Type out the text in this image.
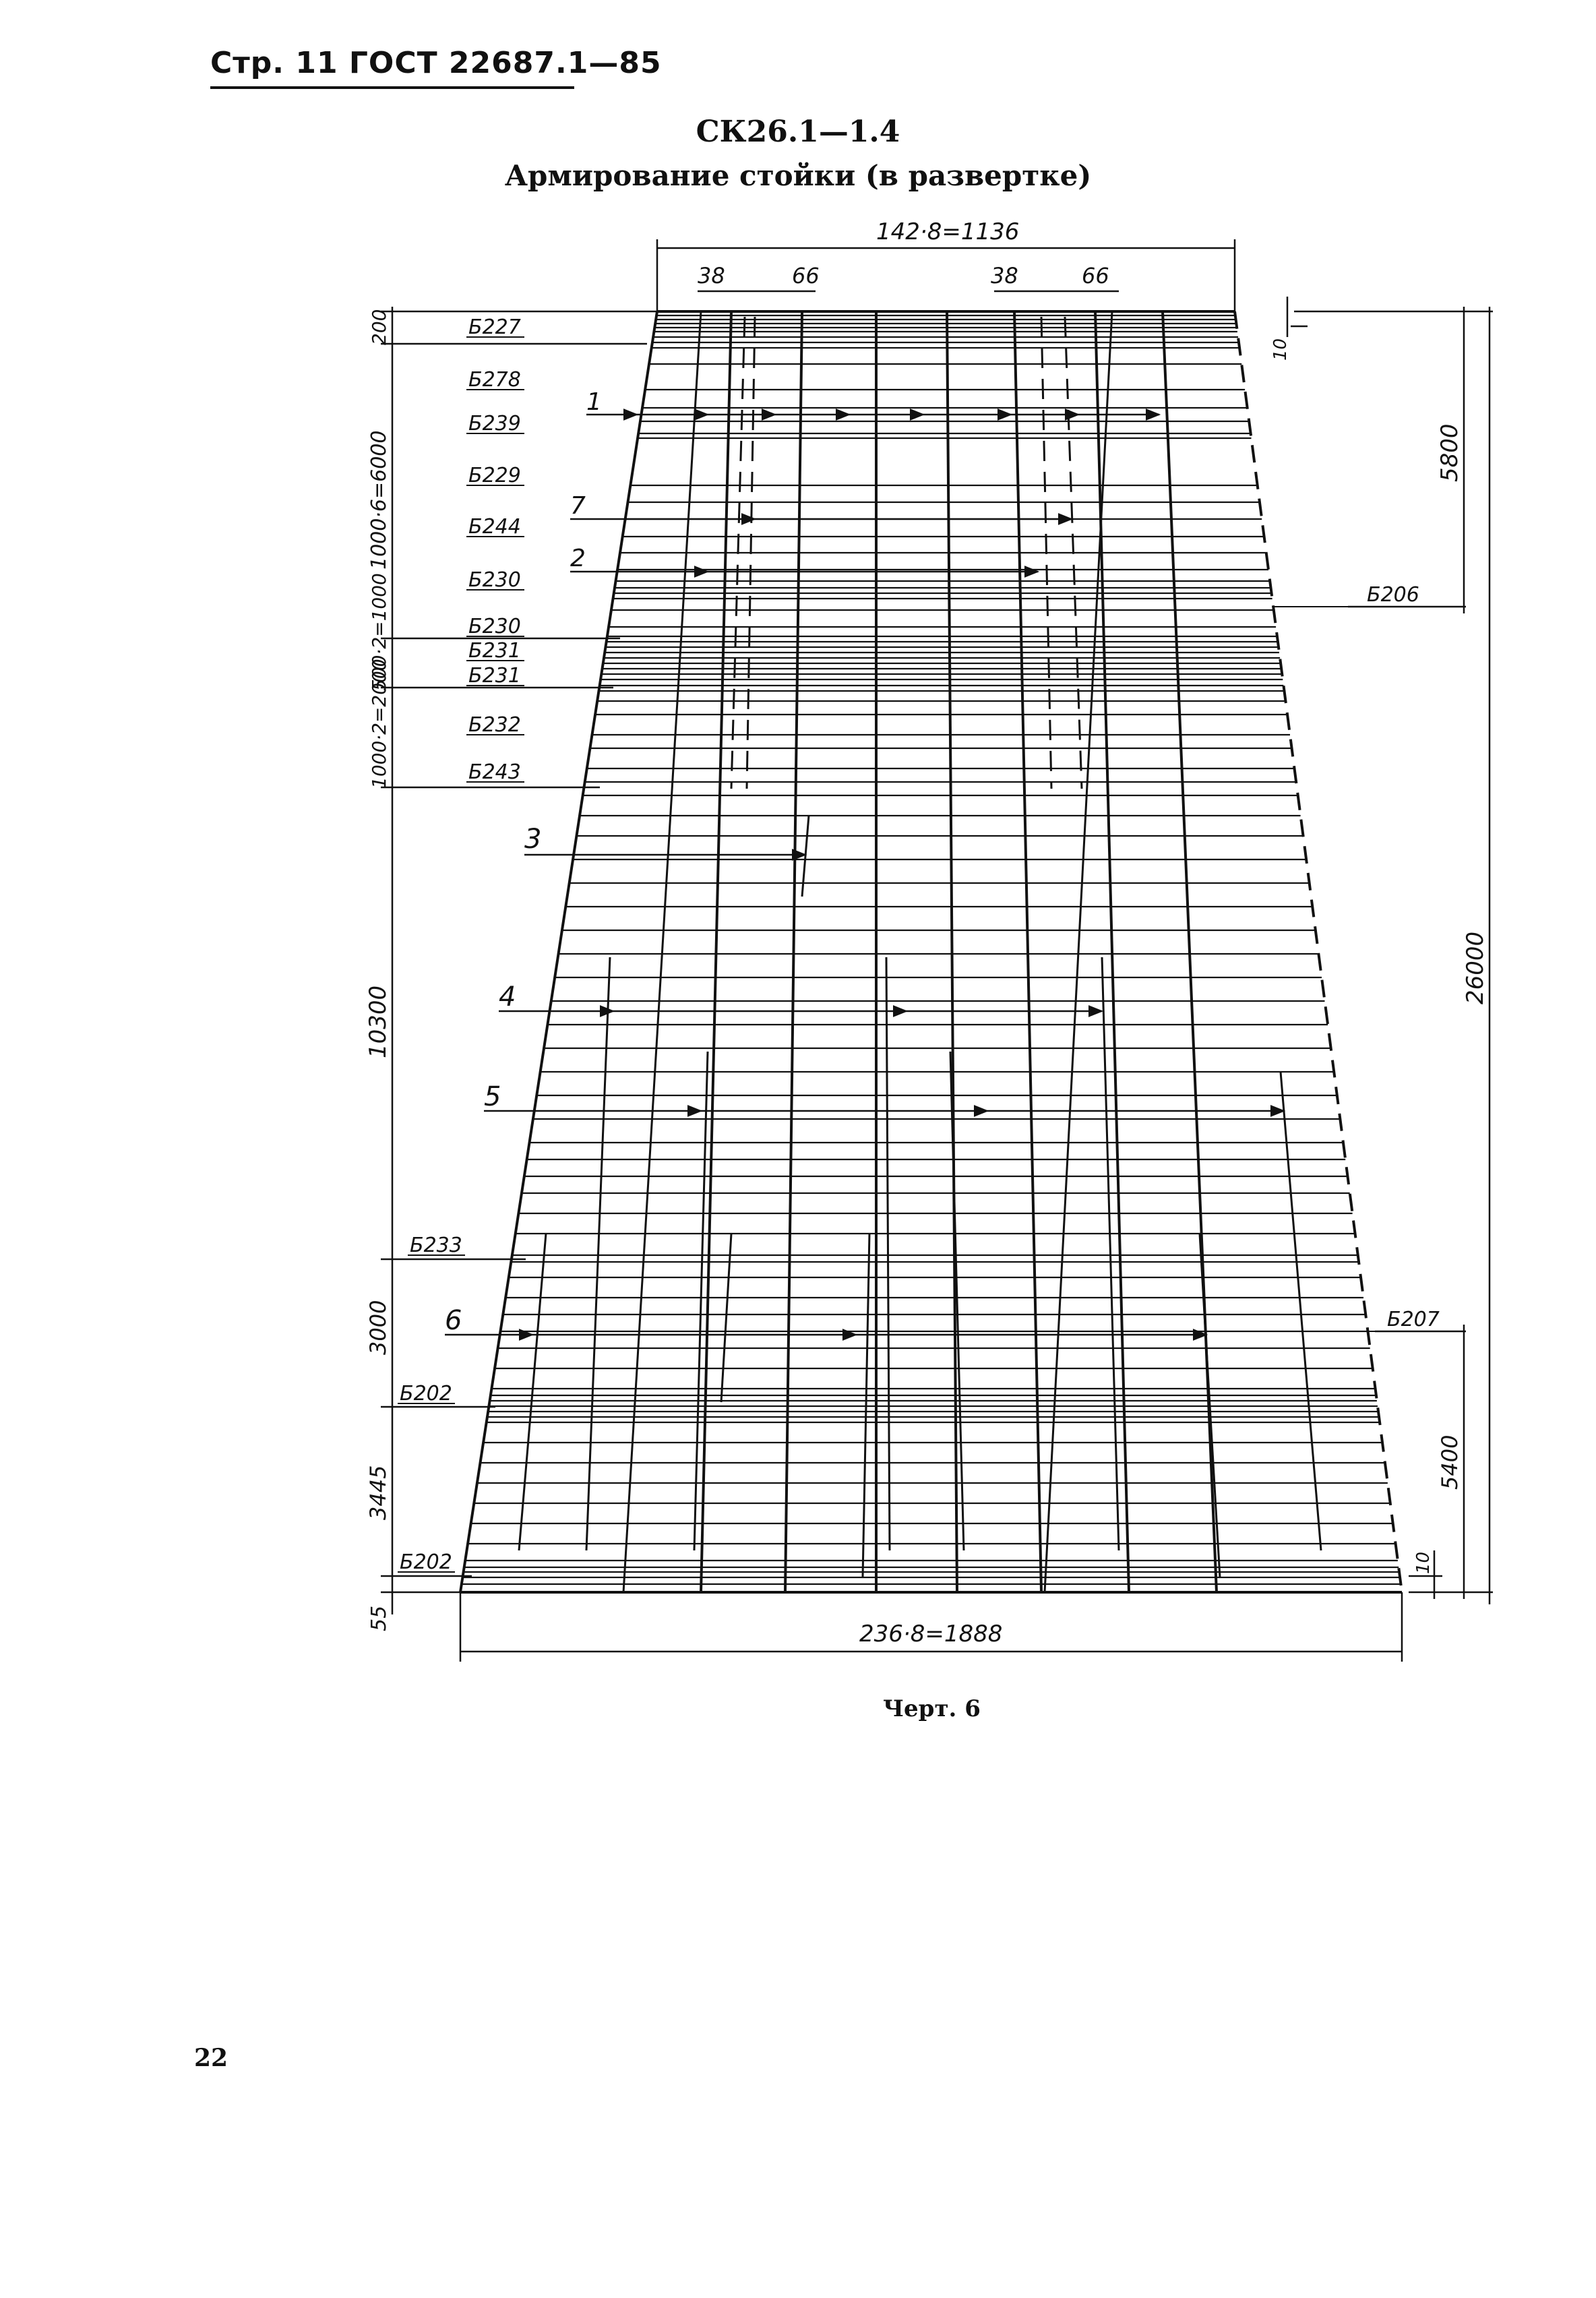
Стр. 11 ГОСТ 22687.1—85
СК26.1—1.4
Армирование стойки (в развертке)
142·8=1136
38	66	38	66
236·8=1888
200
1000·6=6000
500·2=1000
1000·2=2000
10300
3000
3445
55
10
5800
26000
5400
10
Б227
Б278
Б239
Б229
Б244
Б230
Б230
Б231
Б231
Б232
Б243
Б233
Б202
Б202
Б206
Б207
1
7
2
3
4
5
6
Черт. 6
22
